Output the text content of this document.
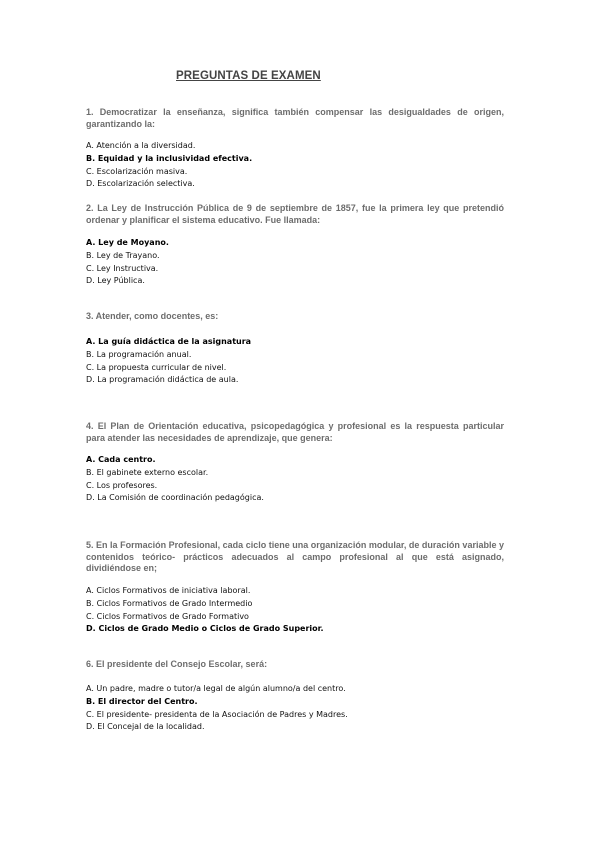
PREGUNTAS DE EXAMEN
1. Democratizar la enseñanza, significa también compensar las desigualdades de origen, garantizando la:
A. Atención a la diversidad.
B. Equidad y la inclusividad efectiva.
C. Escolarización masiva.
D. Escolarización selectiva.
2. La Ley de Instrucción Pública de 9 de septiembre de 1857, fue la primera ley que pretendió ordenar y planificar el sistema educativo. Fue llamada:
A. Ley de Moyano.
B. Ley de Trayano.
C. Ley Instructiva.
D. Ley Pública.
3. Atender, como docentes, es:
A. La guía didáctica de la asignatura
B. La programación anual.
C. La propuesta curricular de nivel.
D. La programación didáctica de aula.
4. El Plan de Orientación educativa, psicopedagógica y profesional es la respuesta particular para atender las necesidades de aprendizaje, que genera:
A. Cada centro.
B. El gabinete externo escolar.
C. Los profesores.
D. La Comisión de coordinación pedagógica.
5. En la Formación Profesional, cada ciclo tiene una organización modular, de duración variable y contenidos teórico- prácticos adecuados al campo profesional al que está asignado, dividiéndose en;
A. Ciclos Formativos de iniciativa laboral.
B. Ciclos Formativos de Grado Intermedio
C. Ciclos Formativos de Grado Formativo
D. Ciclos de Grado Medio o Ciclos de Grado Superior.
6. El presidente del Consejo Escolar, será:
A. Un padre, madre o tutor/a legal de algún alumno/a del centro.
B. El director del Centro.
C. El presidente- presidenta de la Asociación de Padres y Madres.
D. El Concejal de la localidad.
